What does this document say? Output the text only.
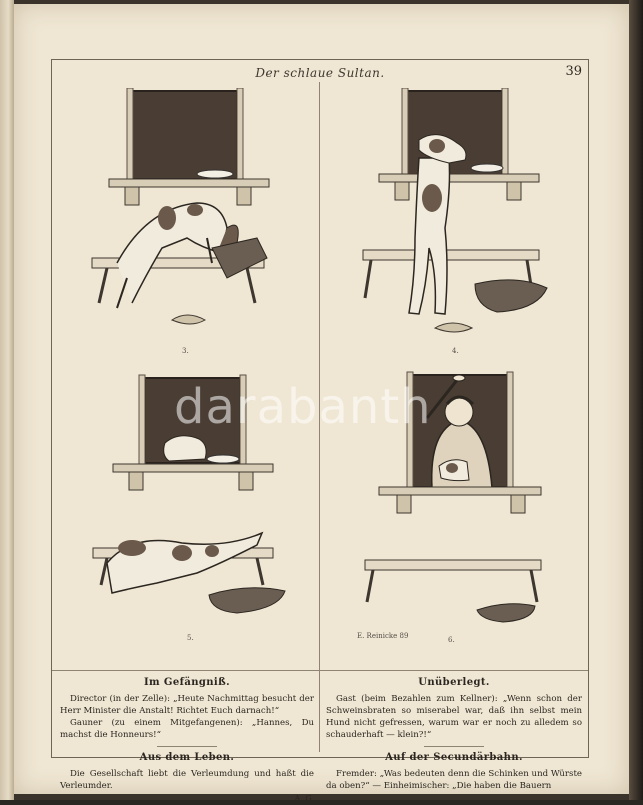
Der schlaue Sultan.	39
3.	4.
5.	E. Reinicke 89	6.
Im Gefängniß.

Director (in der Zelle): „Heute Nachmittag besucht der Herr Minister die Anstalt! Richtet Euch darnach!“

Gauner (zu einem Mitgefangenen): „Hannes, Du machst die Honneurs!“

Aus dem Leben.

Die Gesellschaft liebt die Verleumdung und haßt die Verleumder.

A. G.
Unüberlegt.

Gast (beim Bezahlen zum Kellner): „Wenn schon der Schweinsbraten so miserabel war, daß ihn selbst mein Hund nicht gefressen, warum war er noch zu alledem so schauderhaft — klein?!“

Auf der Secundärbahn.

Fremder: „Was bedeuten denn die Schinken und Würste da oben?“ — Einheimischer: „Die haben die Bauern

darabanth
